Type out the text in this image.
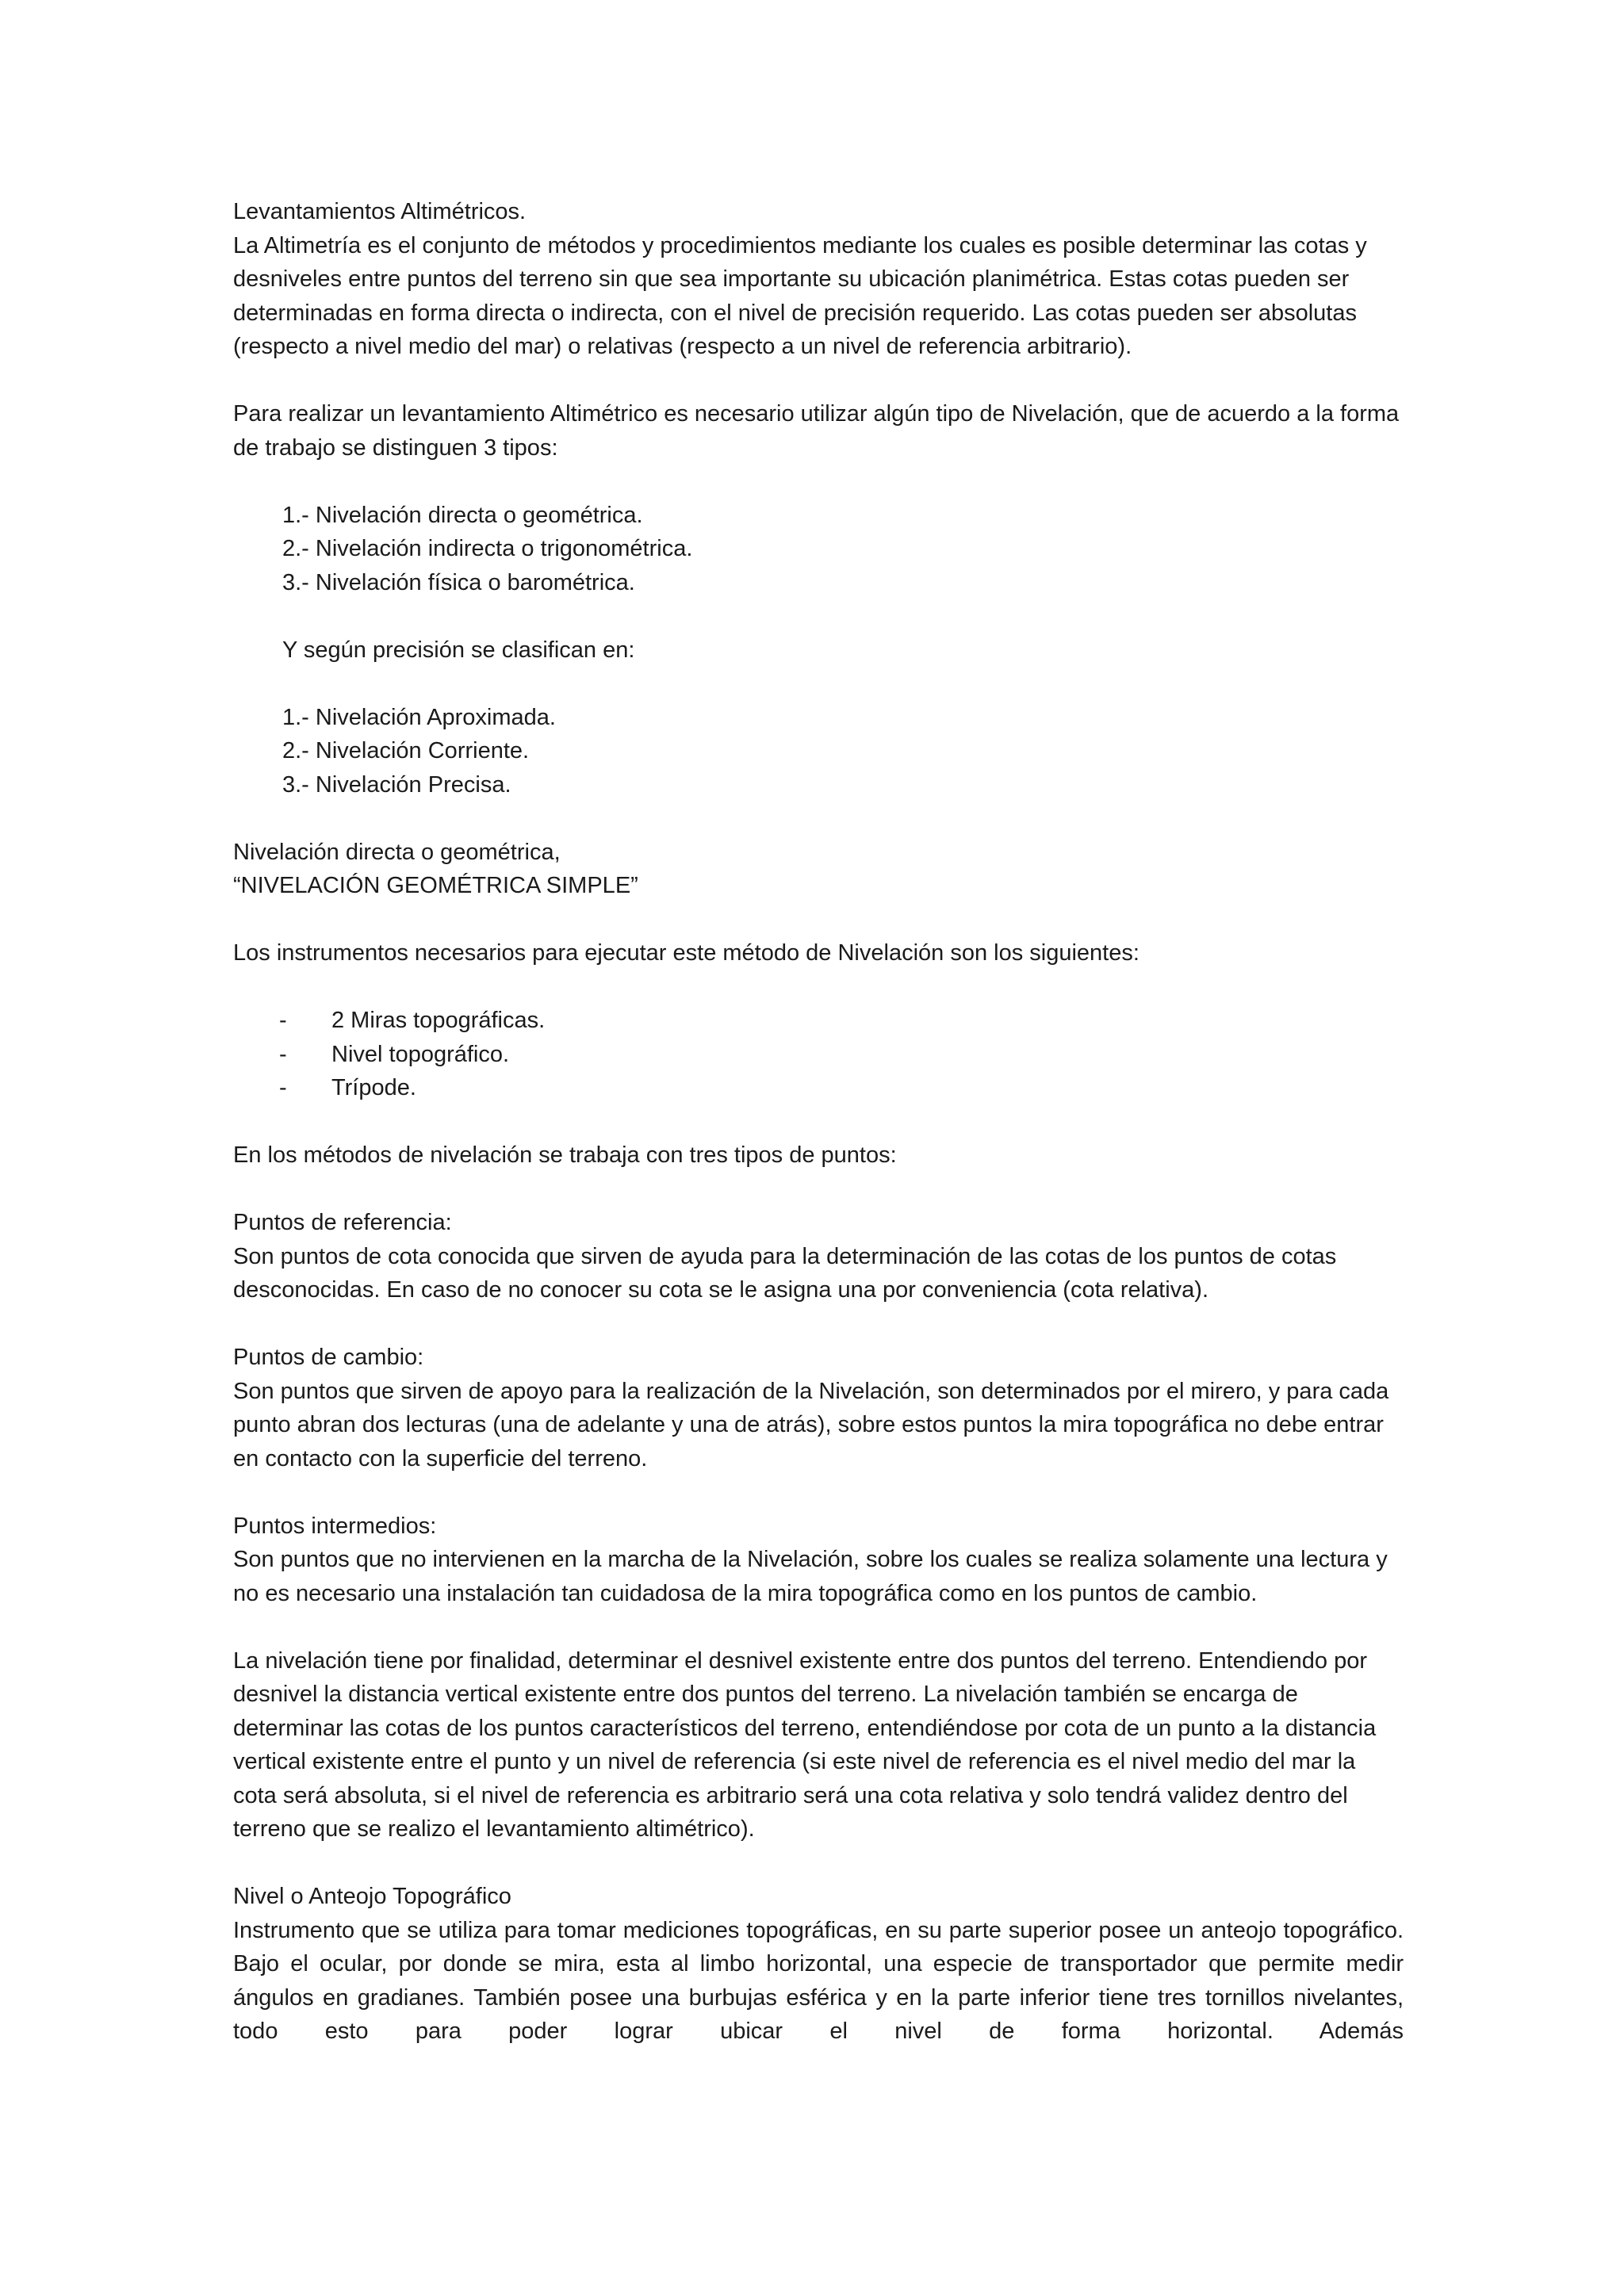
Levantamientos Altimétricos.

La Altimetría es el conjunto de métodos y procedimientos mediante los cuales es posible determinar las cotas y desniveles entre puntos del terreno sin que sea importante su ubicación planimétrica. Estas cotas pueden ser determinadas en forma directa o indirecta, con el nivel de precisión requerido. Las cotas pueden ser absolutas (respecto a nivel medio del mar) o relativas (respecto a un nivel de referencia arbitrario).

Para realizar un levantamiento Altimétrico es necesario utilizar algún tipo de Nivelación, que de acuerdo a la forma de trabajo se distinguen 3 tipos:

1.- Nivelación directa o geométrica.
2.- Nivelación indirecta o trigonométrica.
3.- Nivelación física o barométrica.

Y según precisión se clasifican en:

1.- Nivelación Aproximada.
2.- Nivelación Corriente.
3.- Nivelación Precisa.

Nivelación directa o geométrica,

“NIVELACIÓN GEOMÉTRICA SIMPLE”

Los instrumentos necesarios para ejecutar este método de Nivelación son los siguientes:

-	2 Miras topográficas.
-	Nivel topográfico.
-	Trípode.

En los métodos de nivelación se trabaja con tres tipos de puntos:

Puntos de referencia:

Son puntos de cota conocida que sirven de ayuda para la determinación de las cotas de los puntos de cotas desconocidas. En caso de no conocer su cota se le asigna una por conveniencia (cota relativa).

Puntos de cambio:

Son puntos que sirven de apoyo para la realización de la Nivelación, son determinados por el mirero, y para cada punto abran dos lecturas (una de adelante y una de atrás), sobre estos puntos la mira topográfica no debe entrar en contacto con la superficie del terreno.

Puntos intermedios:

Son puntos que no intervienen en la marcha de la Nivelación, sobre los cuales se realiza solamente una lectura y no es necesario una instalación tan cuidadosa de la mira topográfica como en los puntos de cambio.

La nivelación tiene por finalidad, determinar el desnivel existente entre dos puntos del terreno. Entendiendo por desnivel la distancia vertical existente entre dos puntos del terreno. La nivelación también se encarga de determinar las cotas de los puntos característicos del terreno, entendiéndose por cota de un punto a la distancia vertical existente entre el punto y un nivel de referencia (si este nivel de referencia es el nivel medio del mar la cota será absoluta, si el nivel de referencia es arbitrario será una cota relativa y solo tendrá validez dentro del terreno que se realizo el levantamiento altimétrico).

Nivel o Anteojo Topográfico

Instrumento que se utiliza para tomar mediciones topográficas, en su parte superior posee un anteojo topográfico. Bajo el ocular, por donde se mira, esta al limbo horizontal, una especie de transportador que permite medir ángulos en gradianes. También posee una burbujas esférica y en la parte inferior tiene tres tornillos nivelantes, todo esto para poder lograr ubicar el nivel de forma horizontal. Además
